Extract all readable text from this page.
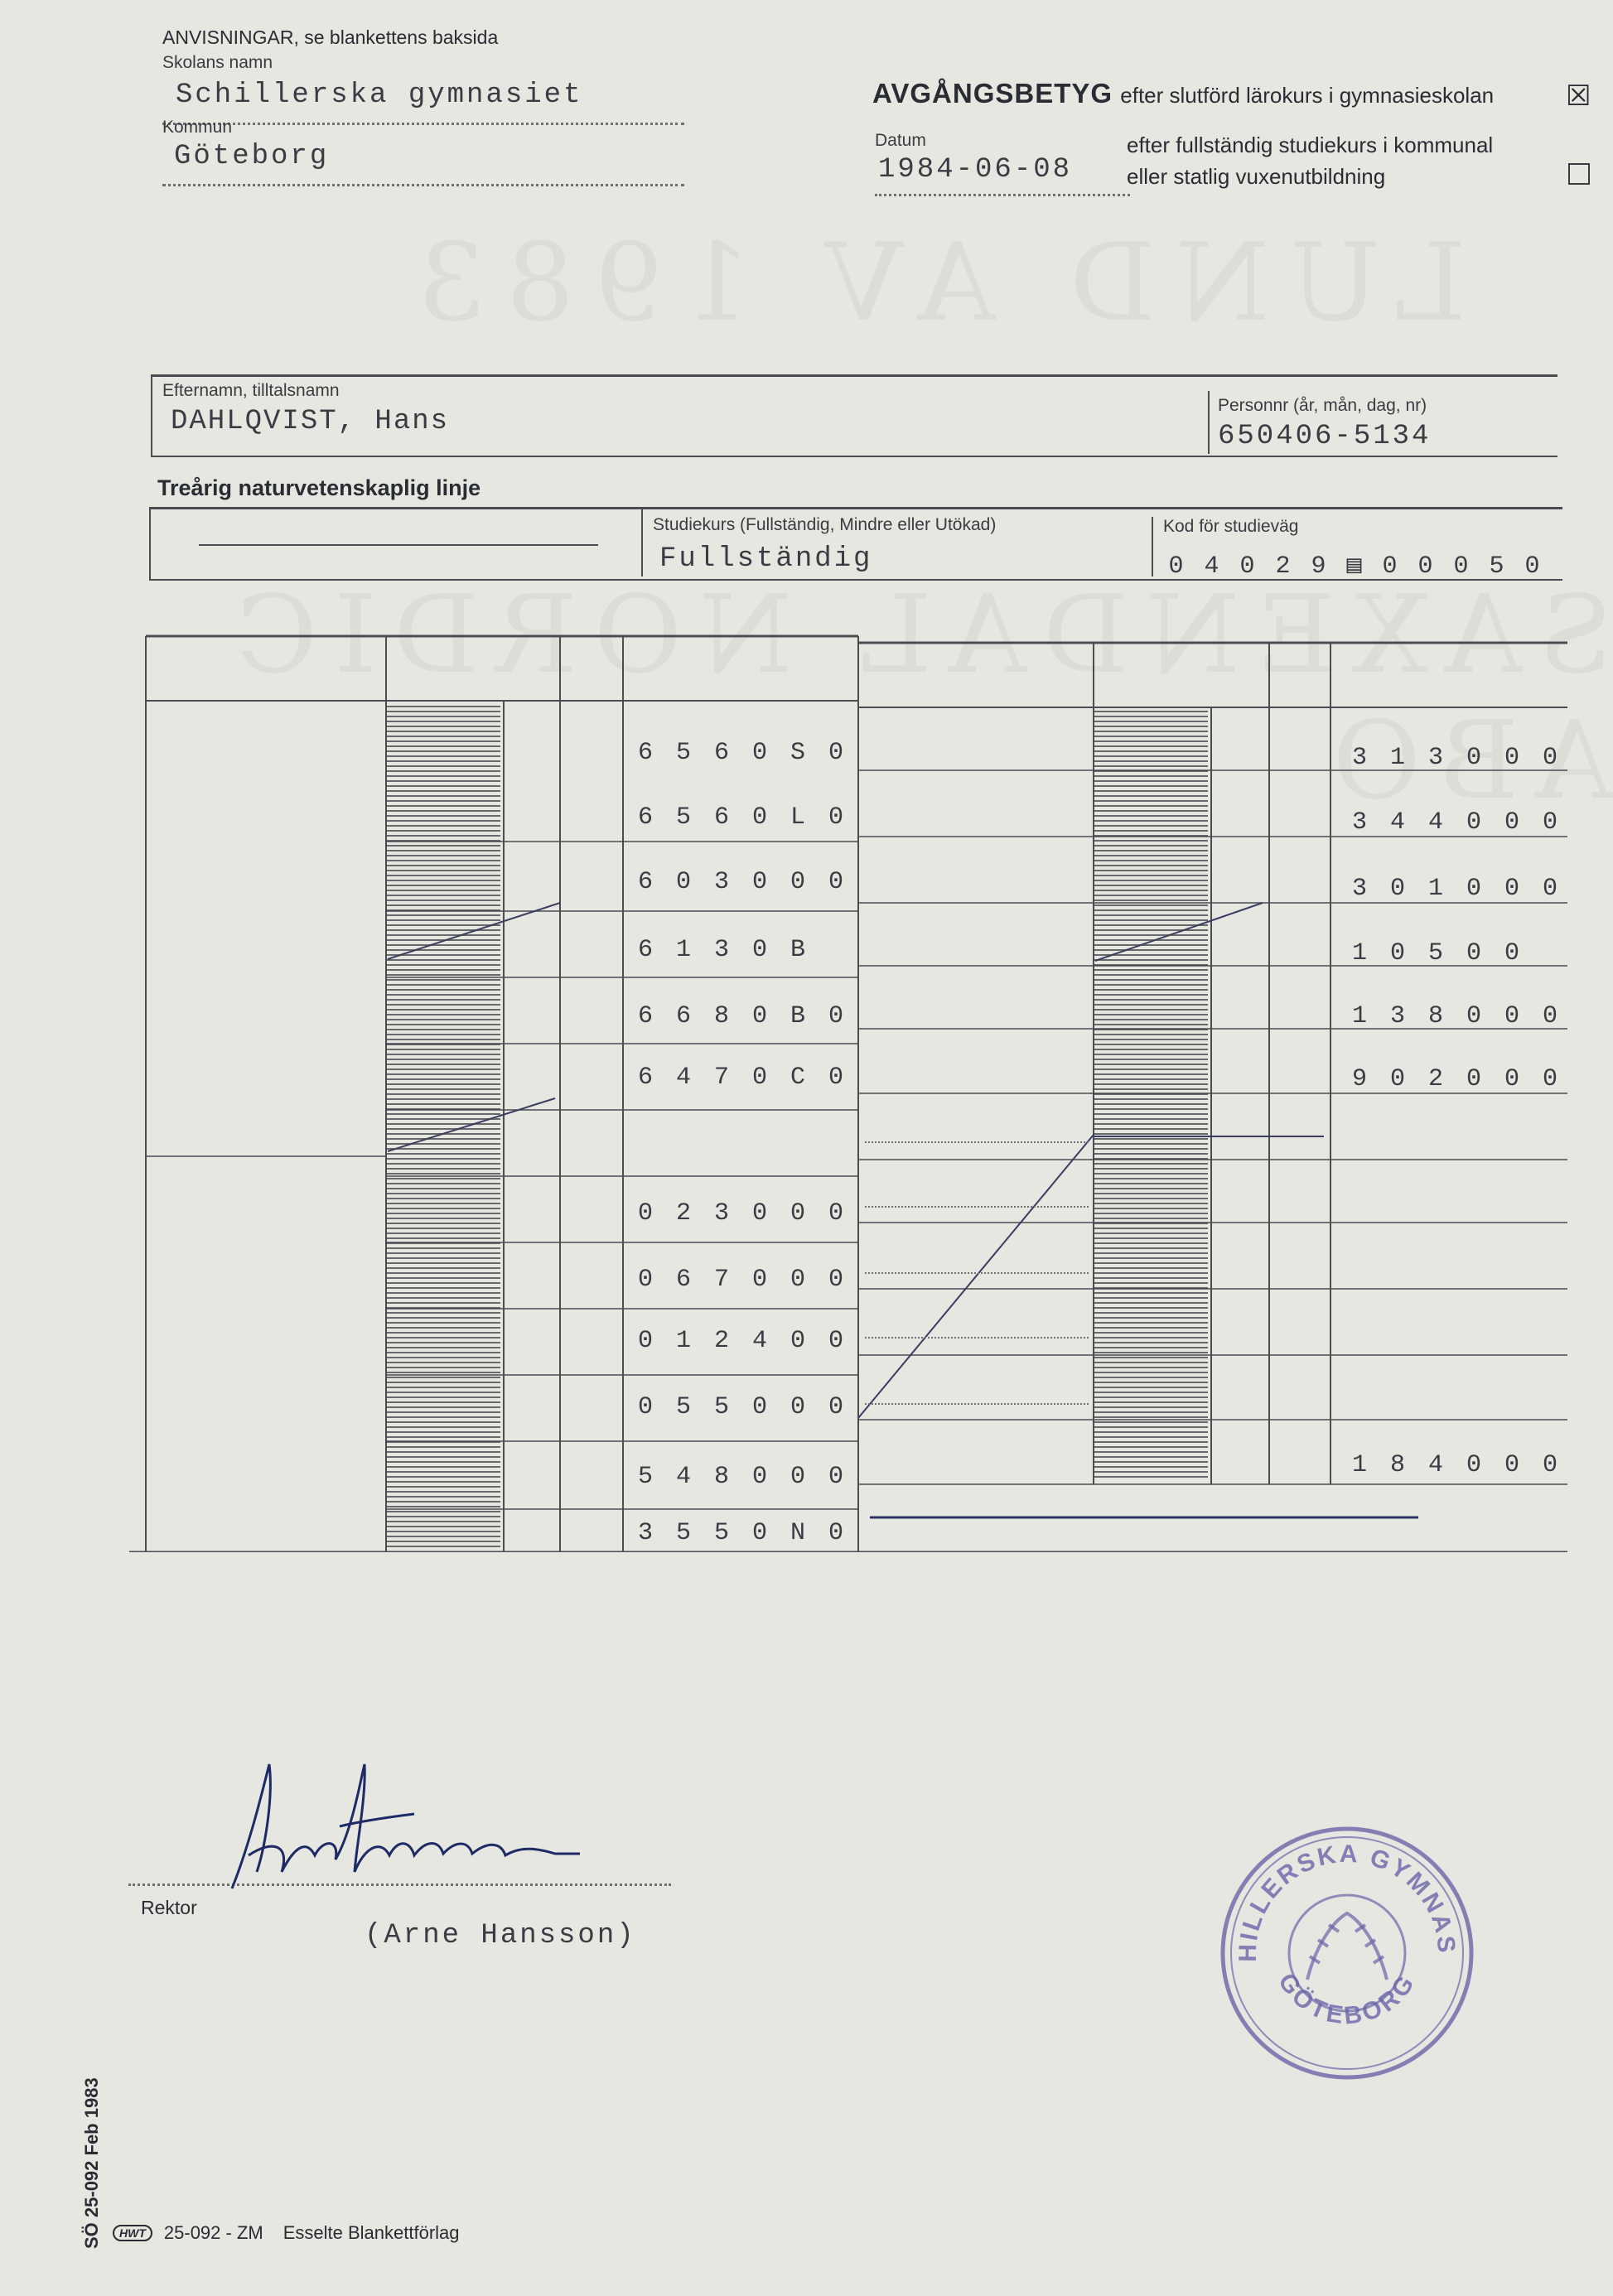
ANVISNINGAR, se blankettens baksida
Skolans namn
Schillerska gymnasiet
Kommun
Göteborg
AVGÅNGSBETYG efter slutförd lärokurs i gymnasieskolan	☒
Datum
1984-06-08
efter fullständig studiekurs i kommunal
eller statlig vuxenutbildning
Efternamn, tilltalsnamn
DAHLQVIST, Hans
Personnr (år, mån, dag, nr)
650406-5134
Treårig naturvetenskaplig linje
Studiekurs (Fullständig, Mindre eller Utökad)
Fullständig
Kod för studieväg
0 4 0 2 9 ▤ 0 0 0 5 0
6 5 6 0 S 0
6 5 6 0 L 0
6 0 3 0 0 0
6 1 3 0 B
6 6 8 0 B 0
6 4 7 0 C 0
0 2 3 0 0 0
0 6 7 0 0 0
0 1 2 4 0 0
0 5 5 0 0 0
5 4 8 0 0 0
3 5 5 0 N 0
3 1 3 0 0 0
3 4 4 0 0 0
3 0 1 0 0 0
1 0 5 0 0
1 3 8 0 0 0
9 0 2 0 0 0
1 8 4 0 0 0
Rektor
(Arne Hansson)
HILLERSKA GYMNAS
GÖTEBORG
SÖ 25-092 Feb 1983	HWT	25-092 - ZM Esselte Blankettförlag
